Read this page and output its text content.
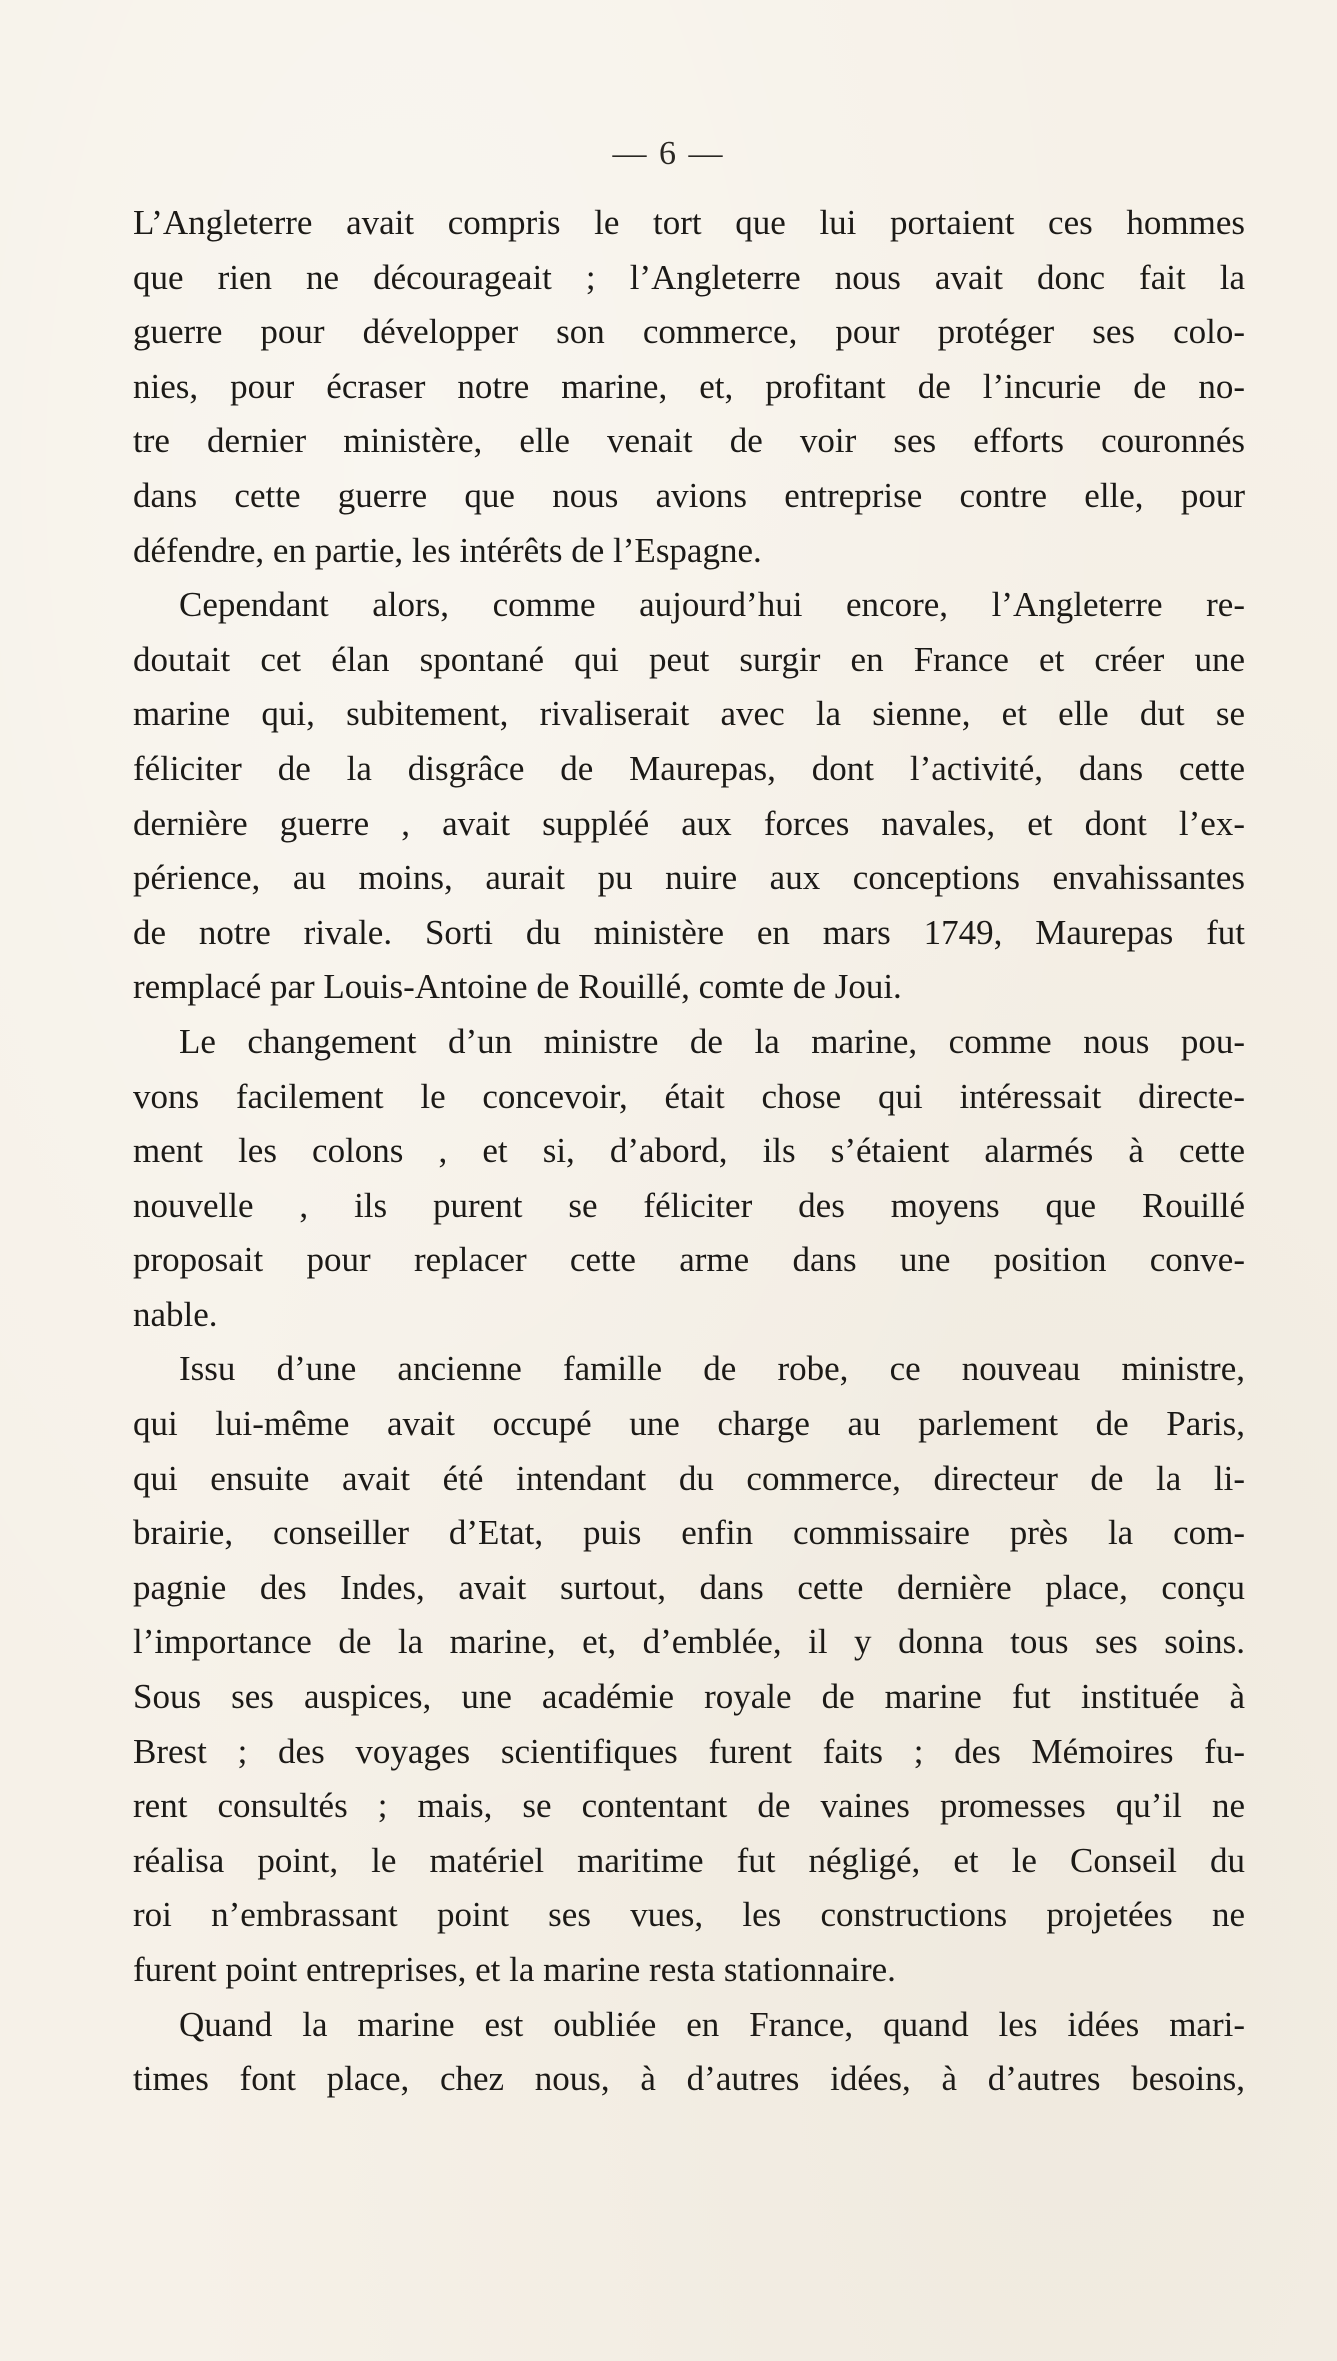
— 6 —
L’Angleterre avait compris le tort que lui portaient ces hommes
que rien ne décourageait ; l’Angleterre nous avait donc fait la
guerre pour développer son commerce, pour protéger ses colo-
nies, pour écraser notre marine, et, profitant de l’incurie de no-
tre dernier ministère, elle venait de voir ses efforts couronnés
dans cette guerre que nous avions entreprise contre elle, pour
défendre, en partie, les intérêts de l’Espagne.
Cependant alors, comme aujourd’hui encore, l’Angleterre re-
doutait cet élan spontané qui peut surgir en France et créer une
marine qui, subitement, rivaliserait avec la sienne, et elle dut se
féliciter de la disgrâce de Maurepas, dont l’activité, dans cette
dernière guerre , avait suppléé aux forces navales, et dont l’ex-
périence, au moins, aurait pu nuire aux conceptions envahissantes
de notre rivale. Sorti du ministère en mars 1749, Maurepas fut
remplacé par Louis-Antoine de Rouillé, comte de Joui.
Le changement d’un ministre de la marine, comme nous pou-
vons facilement le concevoir, était chose qui intéressait directe-
ment les colons , et si, d’abord, ils s’étaient alarmés à cette
nouvelle , ils purent se féliciter des moyens que Rouillé
proposait pour replacer cette arme dans une position conve-
nable.
Issu d’une ancienne famille de robe, ce nouveau ministre,
qui lui-même avait occupé une charge au parlement de Paris,
qui ensuite avait été intendant du commerce, directeur de la li-
brairie, conseiller d’Etat, puis enfin commissaire près la com-
pagnie des Indes, avait surtout, dans cette dernière place, conçu
l’importance de la marine, et, d’emblée, il y donna tous ses soins.
Sous ses auspices, une académie royale de marine fut instituée à
Brest ; des voyages scientifiques furent faits ; des Mémoires fu-
rent consultés ; mais, se contentant de vaines promesses qu’il ne
réalisa point, le matériel maritime fut négligé, et le Conseil du
roi n’embrassant point ses vues, les constructions projetées ne
furent point entreprises, et la marine resta stationnaire.
Quand la marine est oubliée en France, quand les idées mari-
times font place, chez nous, à d’autres idées, à d’autres besoins,
